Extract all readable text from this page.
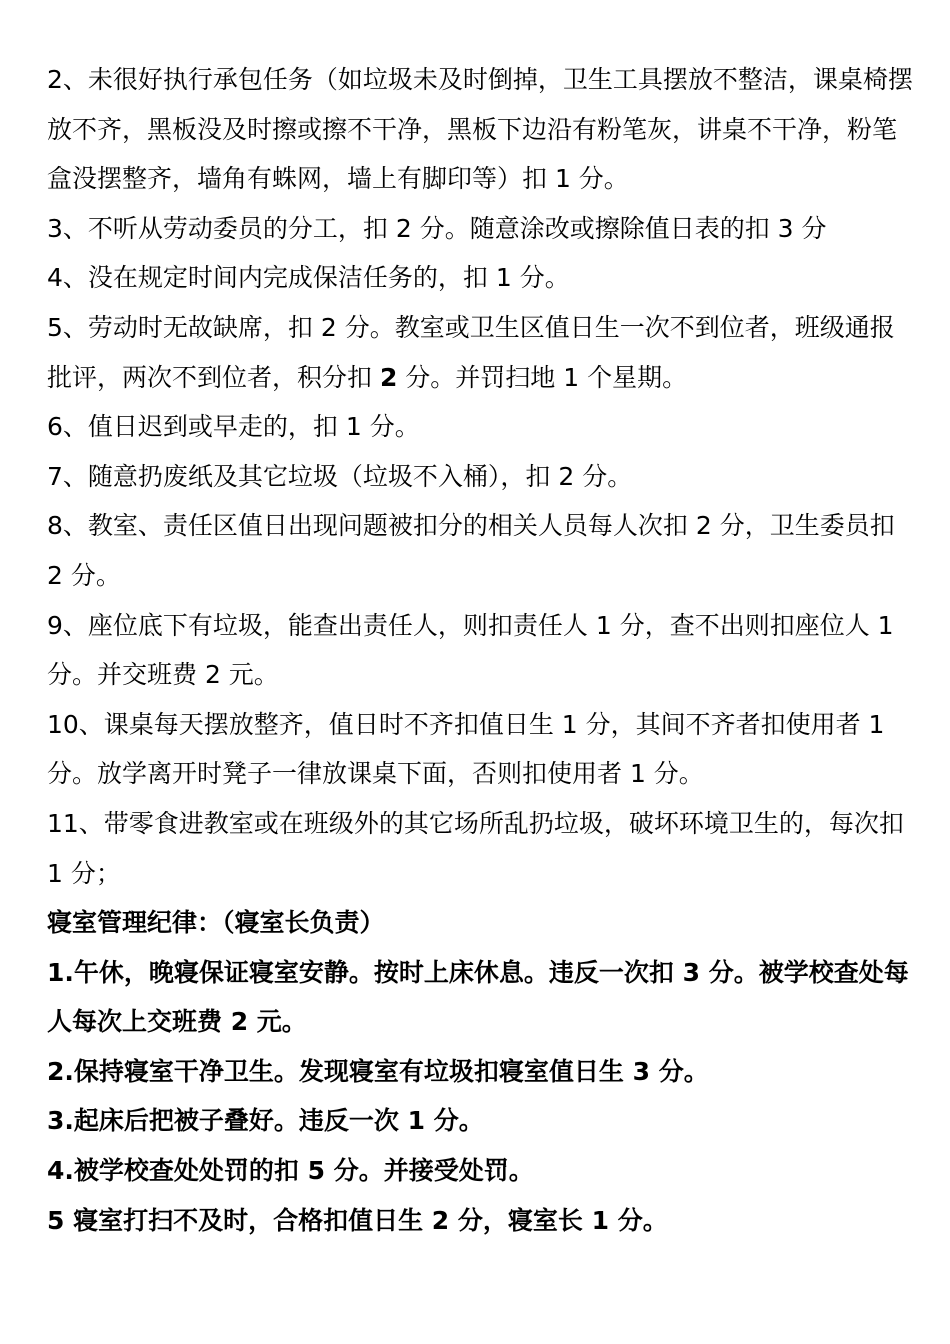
2、未很好执行承包任务（如垃圾未及时倒掉，卫生工具摆放不整洁，课桌椅摆放不齐，黑板没及时擦或擦不干净，黑板下边沿有粉笔灰，讲桌不干净，粉笔盒没摆整齐，墙角有蛛网，墙上有脚印等）扣 1 分。

3、不听从劳动委员的分工，扣 2 分。随意涂改或擦除值日表的扣 3 分

4、没在规定时间内完成保洁任务的，扣 1 分。

5、劳动时无故缺席，扣 2 分。教室或卫生区值日生一次不到位者，班级通报批评，两次不到位者，积分扣 2 分。并罚扫地 1 个星期。

6、值日迟到或早走的，扣 1 分。

7、随意扔废纸及其它垃圾（垃圾不入桶），扣 2 分。

8、教室、责任区值日出现问题被扣分的相关人员每人次扣 2 分，卫生委员扣 2 分。

9、座位底下有垃圾，能查出责任人，则扣责任人 1 分，查不出则扣座位人 1 分。并交班费 2 元。

10、课桌每天摆放整齐，值日时不齐扣值日生 1 分，其间不齐者扣使用者 1 分。放学离开时凳子一律放课桌下面，否则扣使用者 1 分。

11、带零食进教室或在班级外的其它场所乱扔垃圾，破坏环境卫生的，每次扣 1 分；

寝室管理纪律：（寝室长负责）

1.午休，晚寝保证寝室安静。按时上床休息。违反一次扣 3 分。被学校查处每人每次上交班费 2 元。

2.保持寝室干净卫生。发现寝室有垃圾扣寝室值日生 3 分。

3.起床后把被子叠好。违反一次 1 分。

4.被学校查处处罚的扣 5 分。并接受处罚。

5 寝室打扫不及时，合格扣值日生 2 分，寝室长 1 分。
